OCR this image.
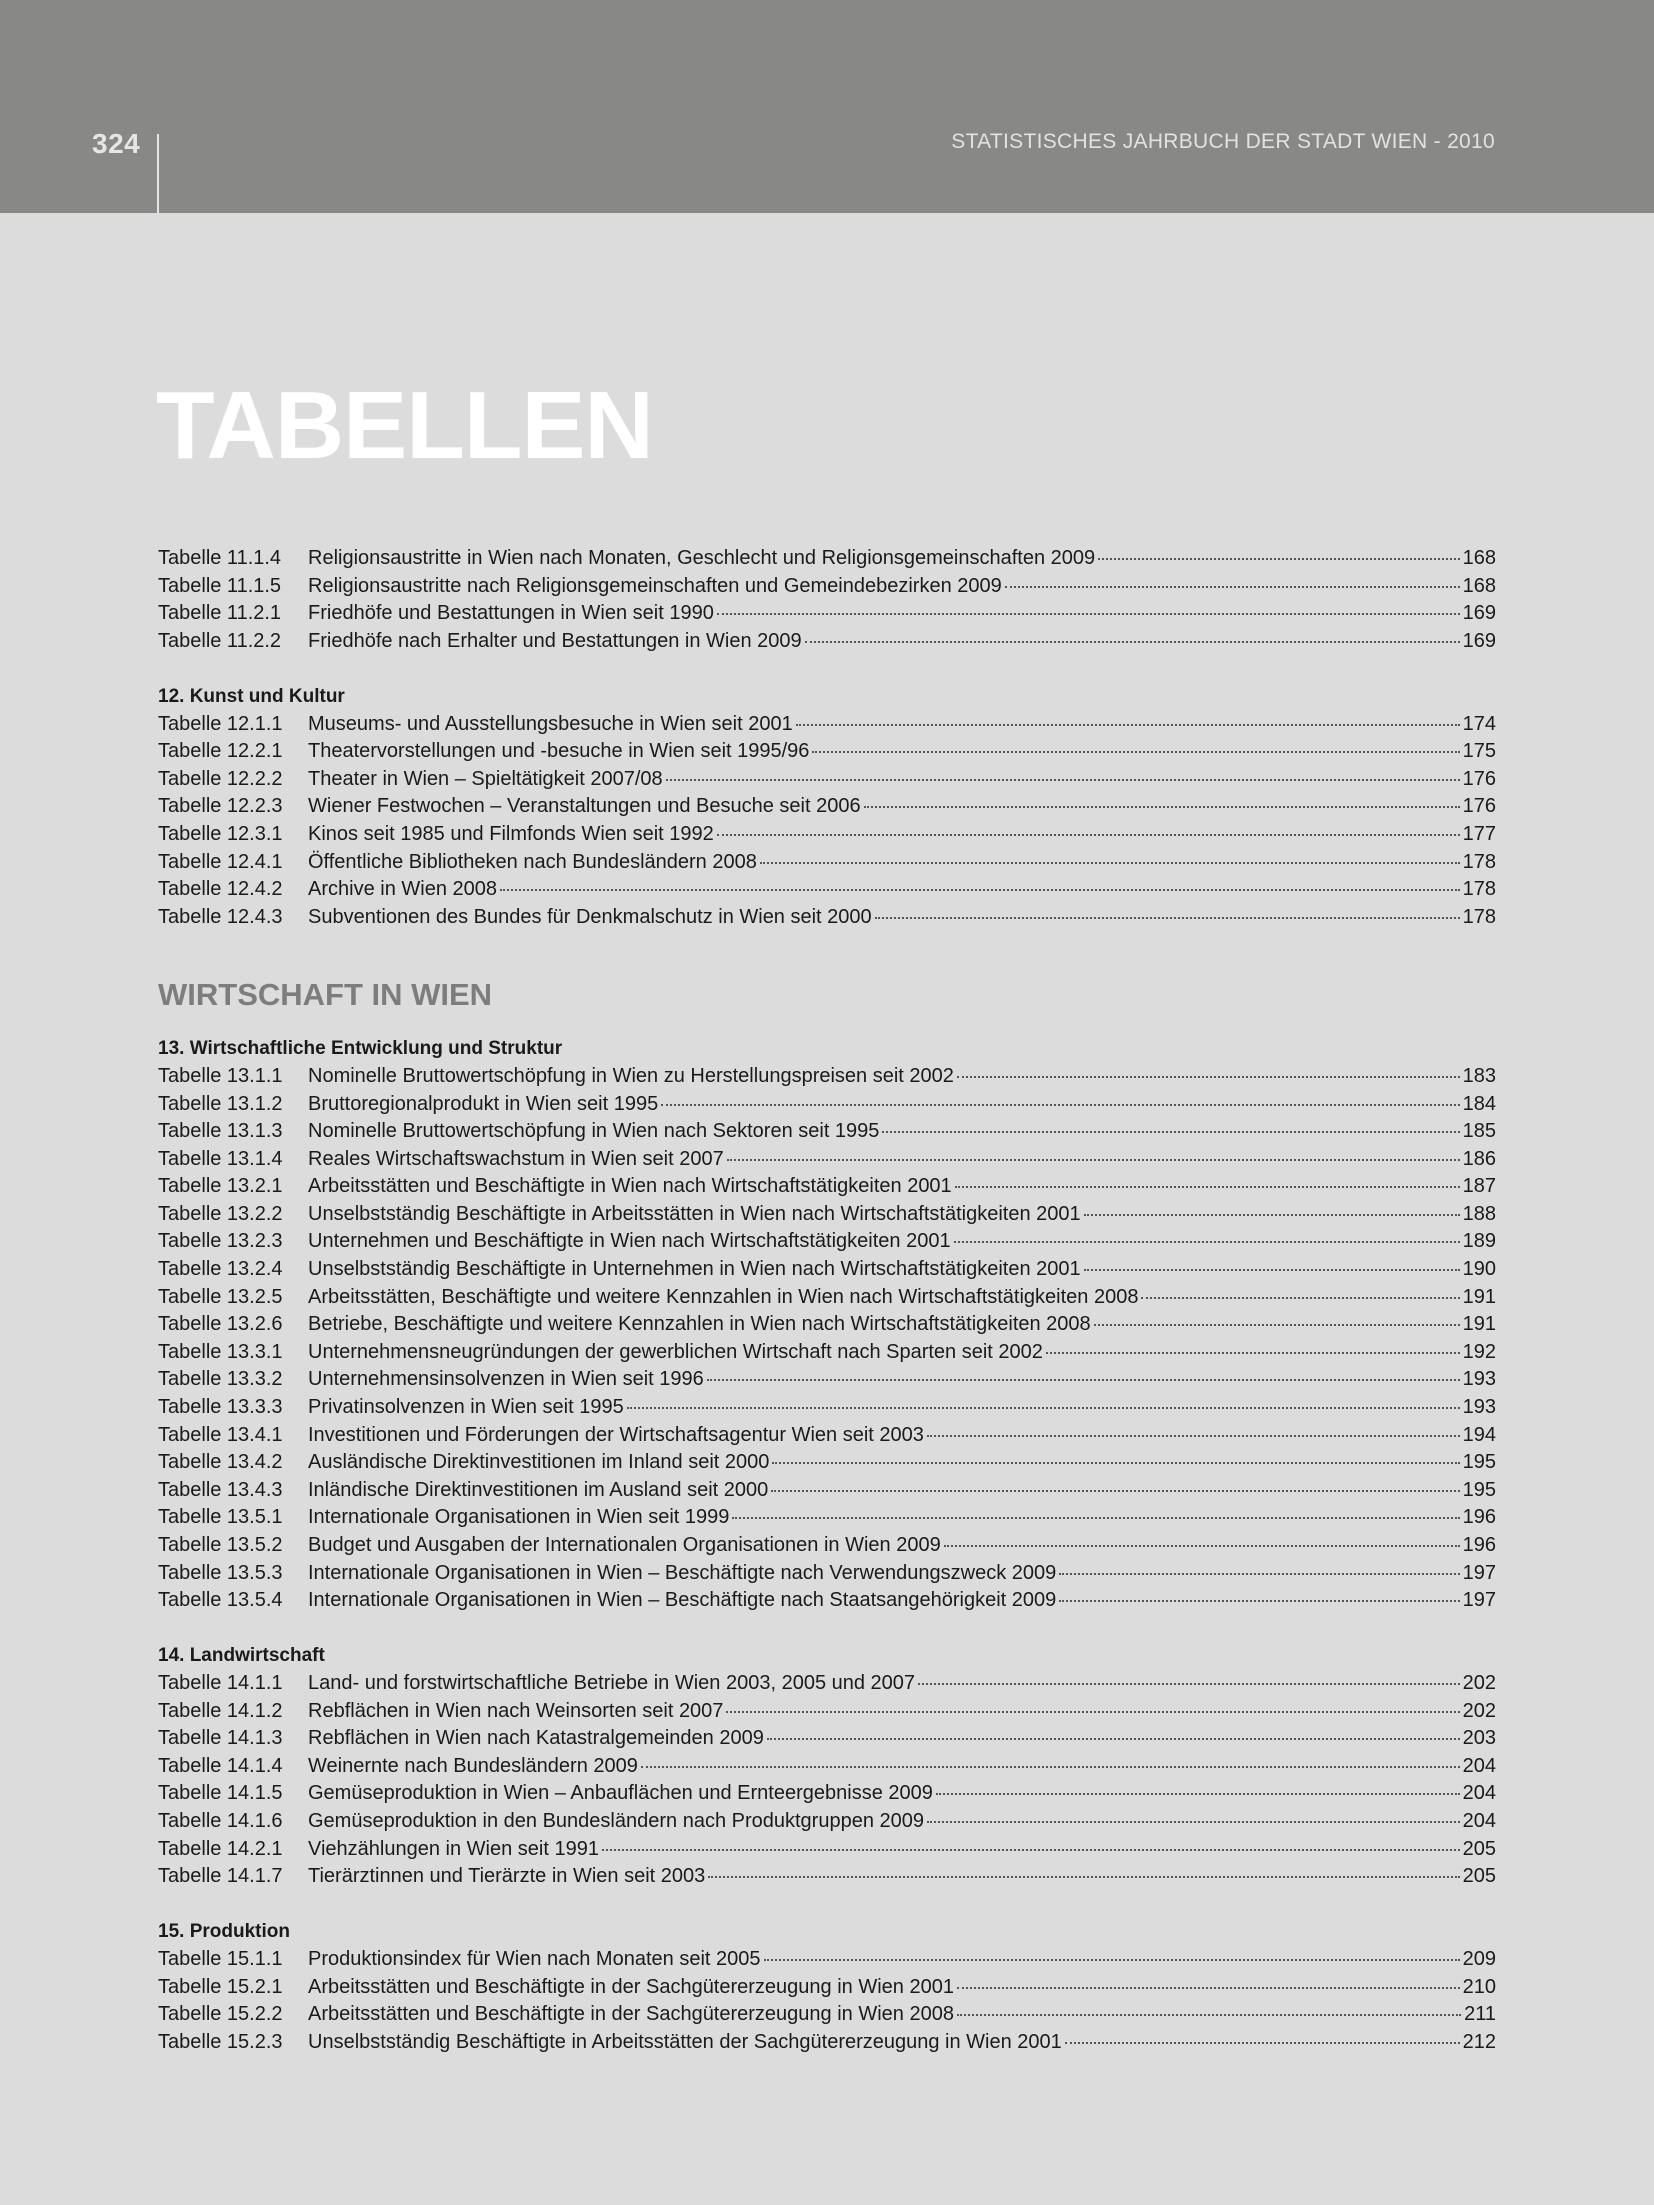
324	STATISTISCHES JAHRBUCH DER STADT WIEN - 2010
TABELLEN
Tabelle 11.1.4	Religionsaustritte in Wien nach Monaten, Geschlecht und Religionsgemeinschaften 2009	168
Tabelle 11.1.5	Religionsaustritte nach Religionsgemeinschaften und Gemeindebezirken 2009	168
Tabelle 11.2.1	Friedhöfe und Bestattungen in Wien seit 1990	169
Tabelle 11.2.2	Friedhöfe nach Erhalter und Bestattungen in Wien 2009	169
12. Kunst und Kultur
Tabelle 12.1.1	Museums- und Ausstellungsbesuche in Wien seit 2001	174
Tabelle 12.2.1	Theatervorstellungen und -besuche in Wien seit 1995/96	175
Tabelle 12.2.2	Theater in Wien – Spieltätigkeit 2007/08	176
Tabelle 12.2.3	Wiener Festwochen – Veranstaltungen und Besuche seit 2006	176
Tabelle 12.3.1	Kinos seit 1985 und Filmfonds Wien seit 1992	177
Tabelle 12.4.1	Öffentliche Bibliotheken nach Bundesländern 2008	178
Tabelle 12.4.2	Archive in Wien 2008	178
Tabelle 12.4.3	Subventionen des Bundes für Denkmalschutz in Wien seit 2000	178
WIRTSCHAFT IN WIEN
13. Wirtschaftliche Entwicklung und Struktur
Tabelle 13.1.1	Nominelle Bruttowertschöpfung in Wien zu Herstellungspreisen seit 2002	183
Tabelle 13.1.2	Bruttoregionalprodukt in Wien seit 1995	184
Tabelle 13.1.3	Nominelle Bruttowertschöpfung in Wien nach Sektoren seit 1995	185
Tabelle 13.1.4	Reales Wirtschaftswachstum in Wien seit 2007	186
Tabelle 13.2.1	Arbeitsstätten und Beschäftigte in Wien nach Wirtschaftstätigkeiten 2001	187
Tabelle 13.2.2	Unselbstständig Beschäftigte in Arbeitsstätten in Wien nach Wirtschaftstätigkeiten 2001	188
Tabelle 13.2.3	Unternehmen und Beschäftigte in Wien nach Wirtschaftstätigkeiten 2001	189
Tabelle 13.2.4	Unselbstständig Beschäftigte in Unternehmen in Wien nach Wirtschaftstätigkeiten 2001	190
Tabelle 13.2.5	Arbeitsstätten, Beschäftigte und weitere Kennzahlen in Wien nach Wirtschaftstätigkeiten 2008	191
Tabelle 13.2.6	Betriebe, Beschäftigte und weitere Kennzahlen in Wien nach Wirtschaftstätigkeiten 2008	191
Tabelle 13.3.1	Unternehmensneugründungen der gewerblichen Wirtschaft nach Sparten seit 2002	192
Tabelle 13.3.2	Unternehmensinsolvenzen in Wien seit 1996	193
Tabelle 13.3.3	Privatinsolvenzen in Wien seit 1995	193
Tabelle 13.4.1	Investitionen und Förderungen der Wirtschaftsagentur Wien seit 2003	194
Tabelle 13.4.2	Ausländische Direktinvestitionen im Inland seit 2000	195
Tabelle 13.4.3	Inländische Direktinvestitionen im Ausland seit 2000	195
Tabelle 13.5.1	Internationale Organisationen in Wien seit 1999	196
Tabelle 13.5.2	Budget und Ausgaben der Internationalen Organisationen in Wien 2009	196
Tabelle 13.5.3	Internationale Organisationen in Wien – Beschäftigte nach Verwendungszweck 2009	197
Tabelle 13.5.4	Internationale Organisationen in Wien – Beschäftigte nach Staatsangehörigkeit 2009	197
14. Landwirtschaft
Tabelle 14.1.1	Land- und forstwirtschaftliche Betriebe in Wien 2003, 2005 und 2007	202
Tabelle 14.1.2	Rebflächen in Wien nach Weinsorten seit 2007	202
Tabelle 14.1.3	Rebflächen in Wien nach Katastralgemeinden 2009	203
Tabelle 14.1.4	Weinernte nach Bundesländern 2009	204
Tabelle 14.1.5	Gemüseproduktion in Wien – Anbauflächen und Ernteergebnisse 2009	204
Tabelle 14.1.6	Gemüseproduktion in den Bundesländern nach Produktgruppen 2009	204
Tabelle 14.2.1	Viehzählungen in Wien seit 1991	205
Tabelle 14.1.7	Tierärztinnen und Tierärzte in Wien seit 2003	205
15. Produktion
Tabelle 15.1.1	Produktionsindex für Wien nach Monaten seit 2005	209
Tabelle 15.2.1	Arbeitsstätten und Beschäftigte in der Sachgütererzeugung in Wien 2001	210
Tabelle 15.2.2	Arbeitsstätten und Beschäftigte in der Sachgütererzeugung in Wien 2008	211
Tabelle 15.2.3	Unselbstständig Beschäftigte in Arbeitsstätten der Sachgütererzeugung in Wien 2001	212
